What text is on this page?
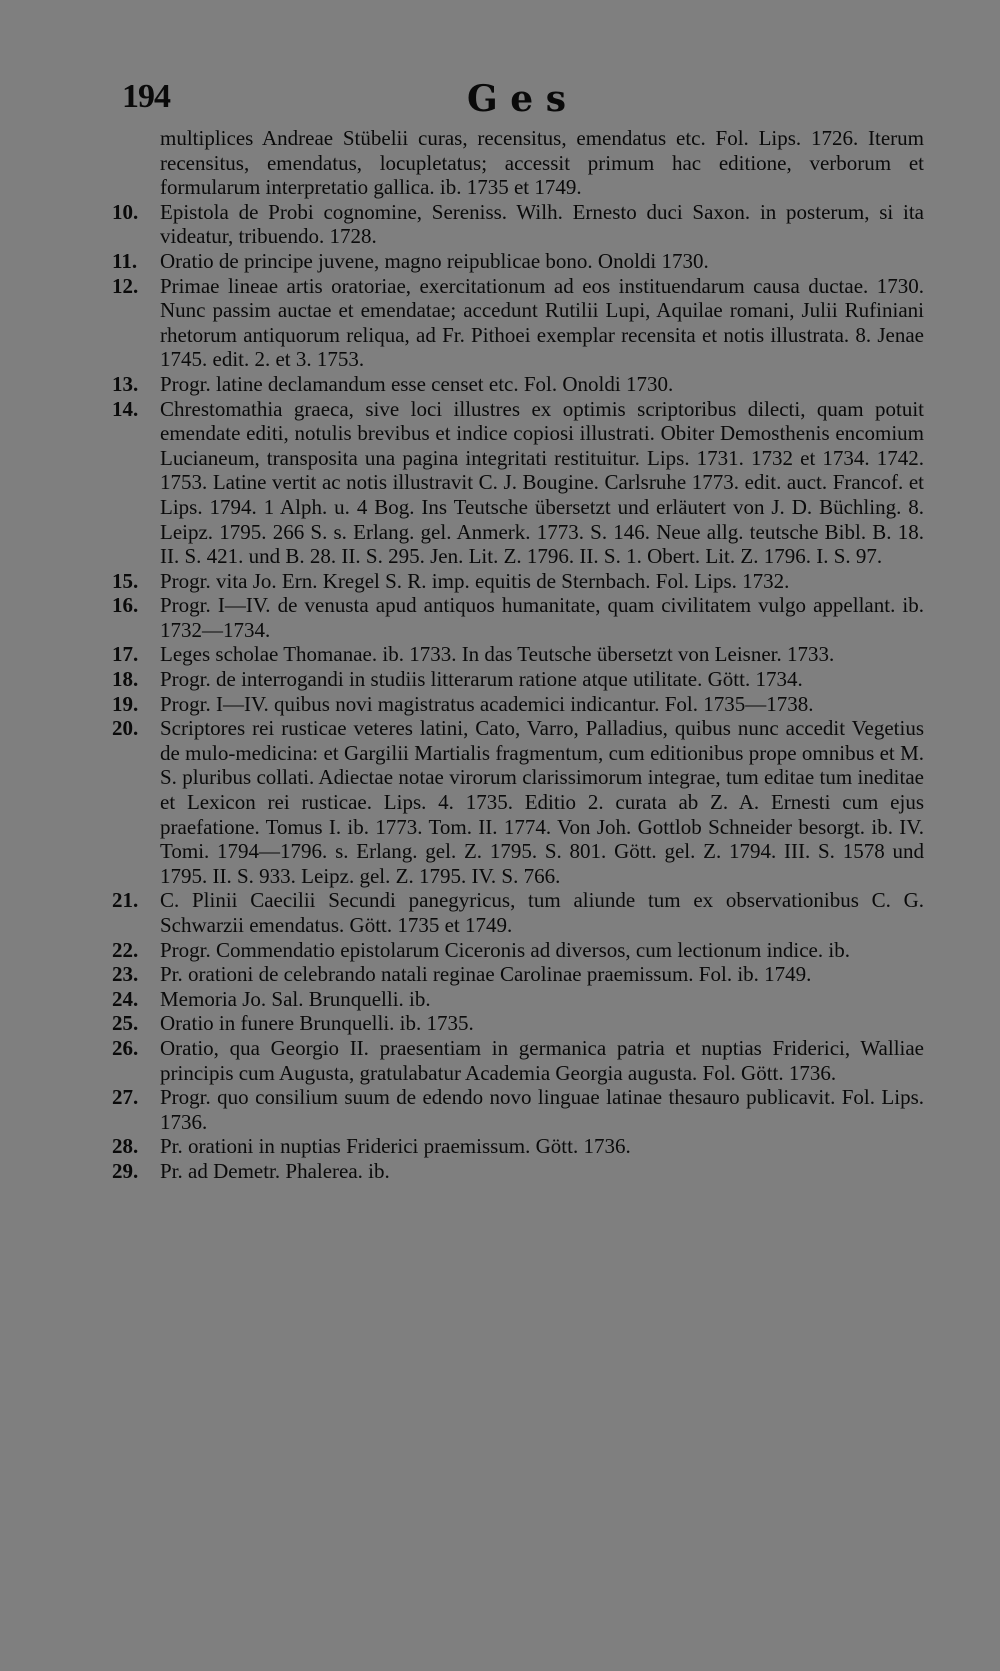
194	G e s
multiplices Andreae Stübelii curas, recensitus, emendatus etc. Fol. Lips. 1726. Iterum recensitus, emendatus, locupletatus; accessit primum hac editione, verborum et formularum interpretatio gallica. ib. 1735 et 1749.
10.	Epistola de Probi cognomine, Sereniss. Wilh. Ernesto duci Saxon. in posterum, si ita videatur, tribuendo. 1728.
11.	Oratio de principe juvene, magno reipublicae bono. Onoldi 1730.
12.	Primae lineae artis oratoriae, exercitationum ad eos instituendarum causa ductae. 1730. Nunc passim auctae et emendatae; accedunt Rutilii Lupi, Aquilae romani, Julii Rufiniani rhetorum antiquorum reliqua, ad Fr. Pithoei exemplar recensita et notis illustrata. 8. Jenae 1745. edit. 2. et 3. 1753.
13.	Progr. latine declamandum esse censet etc. Fol. Onoldi 1730.
14.	Chrestomathia graeca, sive loci illustres ex optimis scriptoribus dilecti, quam potuit emendate editi, notulis brevibus et indice copiosi illustrati. Obiter Demosthenis encomium Lucianeum, transposita una pagina integritati restituitur. Lips. 1731. 1732 et 1734. 1742. 1753. Latine vertit ac notis illustravit C. J. Bougine. Carlsruhe 1773. edit. auct. Francof. et Lips. 1794. 1 Alph. u. 4 Bog. Ins Teutsche übersetzt und erläutert von J. D. Büchling. 8. Leipz. 1795. 266 S. s. Erlang. gel. Anmerk. 1773. S. 146. Neue allg. teutsche Bibl. B. 18. II. S. 421. und B. 28. II. S. 295. Jen. Lit. Z. 1796. II. S. 1. Obert. Lit. Z. 1796. I. S. 97.
15.	Progr. vita Jo. Ern. Kregel S. R. imp. equitis de Sternbach. Fol. Lips. 1732.
16.	Progr. I—IV. de venusta apud antiquos humanitate, quam civilitatem vulgo appellant. ib. 1732—1734.
17.	Leges scholae Thomanae. ib. 1733. In das Teutsche übersetzt von Leisner. 1733.
18.	Progr. de interrogandi in studiis litterarum ratione atque utilitate. Gött. 1734.
19.	Progr. I—IV. quibus novi magistratus academici indicantur. Fol. 1735—1738.
20.	Scriptores rei rusticae veteres latini, Cato, Varro, Palladius, quibus nunc accedit Vegetius de mulo-medicina: et Gargilii Martialis fragmentum, cum editionibus prope omnibus et M. S. pluribus collati. Adiectae notae virorum clarissimorum integrae, tum editae tum ineditae et Lexicon rei rusticae. Lips. 4. 1735. Editio 2. curata ab Z. A. Ernesti cum ejus praefatione. Tomus I. ib. 1773. Tom. II. 1774. Von Joh. Gottlob Schneider besorgt. ib. IV. Tomi. 1794—1796. s. Erlang. gel. Z. 1795. S. 801. Gött. gel. Z. 1794. III. S. 1578 und 1795. II. S. 933. Leipz. gel. Z. 1795. IV. S. 766.
21.	C. Plinii Caecilii Secundi panegyricus, tum aliunde tum ex observationibus C. G. Schwarzii emendatus. Gött. 1735 et 1749.
22.	Progr. Commendatio epistolarum Ciceronis ad diversos, cum lectionum indice. ib.
23.	Pr. orationi de celebrando natali reginae Carolinae praemissum. Fol. ib. 1749.
24.	Memoria Jo. Sal. Brunquelli. ib.
25.	Oratio in funere Brunquelli. ib. 1735.
26.	Oratio, qua Georgio II. praesentiam in germanica patria et nuptias Friderici, Walliae principis cum Augusta, gratulabatur Academia Georgia augusta. Fol. Gött. 1736.
27.	Progr. quo consilium suum de edendo novo linguae latinae thesauro publicavit. Fol. Lips. 1736.
28.	Pr. orationi in nuptias Friderici praemissum. Gött. 1736.
29.	Pr. ad Demetr. Phalerea. ib.
